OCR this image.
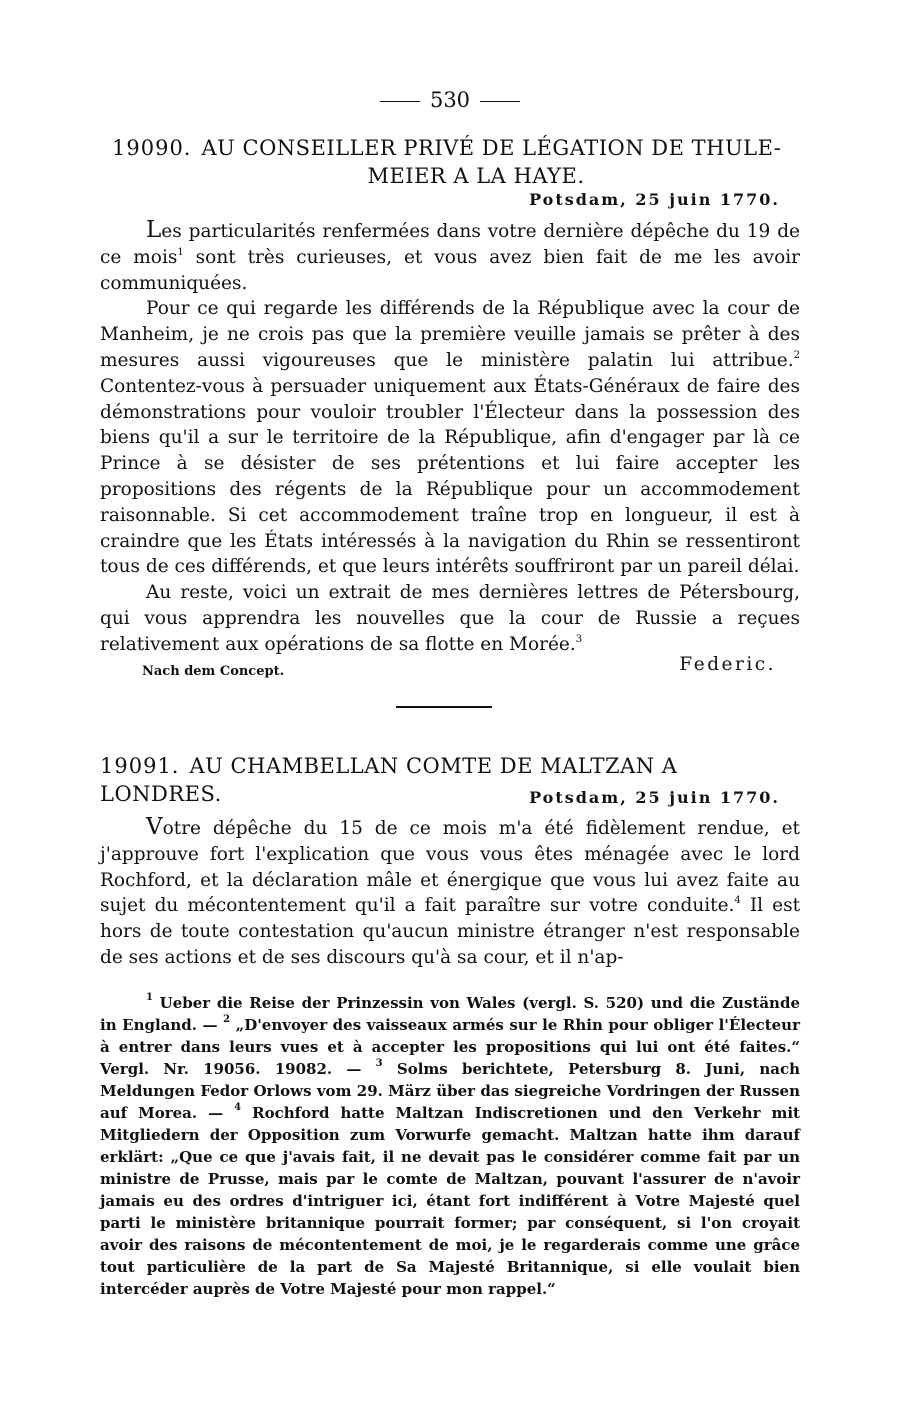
530
19090. AU CONSEILLER PRIVÉ DE LÉGATION DE THULE-
MEIER A LA HAYE.
Potsdam, 25 juin 1770.

Les particularités renfermées dans votre dernière dépêche du 19 de ce mois$^1$ sont très curieuses, et vous avez bien fait de me les avoir communiquées.

Pour ce qui regarde les différends de la République avec la cour de Manheim, je ne crois pas que la première veuille jamais se prêter à des mesures aussi vigoureuses que le ministère palatin lui attribue.$^2$ Contentez-vous à persuader uniquement aux États-Généraux de faire des démonstrations pour vouloir troubler l'Électeur dans la possession des biens qu'il a sur le territoire de la République, afin d'engager par là ce Prince à se désister de ses prétentions et lui faire accepter les propositions des régents de la République pour un accommodement raisonnable. Si cet accommodement traîne trop en longueur, il est à craindre que les États intéressés à la navigation du Rhin se ressentiront tous de ces différends, et que leurs intérêts souffriront par un pareil délai.

Au reste, voici un extrait de mes dernières lettres de Pétersbourg, qui vous apprendra les nouvelles que la cour de Russie a reçues relativement aux opérations de sa flotte en Morée.$^3$

Nach dem Concept.	Federic.
19091. AU CHAMBELLAN COMTE DE MALTZAN A LONDRES.	Potsdam, 25 juin 1770.

Votre dépêche du 15 de ce mois m'a été fidèlement rendue, et j'approuve fort l'explication que vous vous êtes ménagée avec le lord Rochford, et la déclaration mâle et énergique que vous lui avez faite au sujet du mécontentement qu'il a fait paraître sur votre conduite.$^4$ Il est hors de toute contestation qu'aucun ministre étranger n'est responsable de ses actions et de ses discours qu'à sa cour, et il n'ap-

$^1$ Ueber die Reise der Prinzessin von Wales (vergl. S. 520) und die Zustände in England. — $^2$ „D'envoyer des vaisseaux armés sur le Rhin pour obliger l'Électeur à entrer dans leurs vues et à accepter les propositions qui lui ont été faites.“ Vergl. Nr. 19056. 19082. — $^3$ Solms berichtete, Petersburg 8. Juni, nach Meldungen Fedor Orlows vom 29. März über das siegreiche Vordringen der Russen auf Morea. — $^4$ Rochford hatte Maltzan Indiscretionen und den Verkehr mit Mitgliedern der Opposition zum Vorwurfe gemacht. Maltzan hatte ihm darauf erklärt: „Que ce que j'avais fait, il ne devait pas le considérer comme fait par un ministre de Prusse, mais par le comte de Maltzan, pouvant l'assurer de n'avoir jamais eu des ordres d'intriguer ici, étant fort indifférent à Votre Majesté quel parti le ministère britannique pourrait former; par conséquent, si l'on croyait avoir des raisons de mécontentement de moi, je le regarderais comme une grâce tout particulière de la part de Sa Majesté Britannique, si elle voulait bien intercéder auprès de Votre Majesté pour mon rappel.“
